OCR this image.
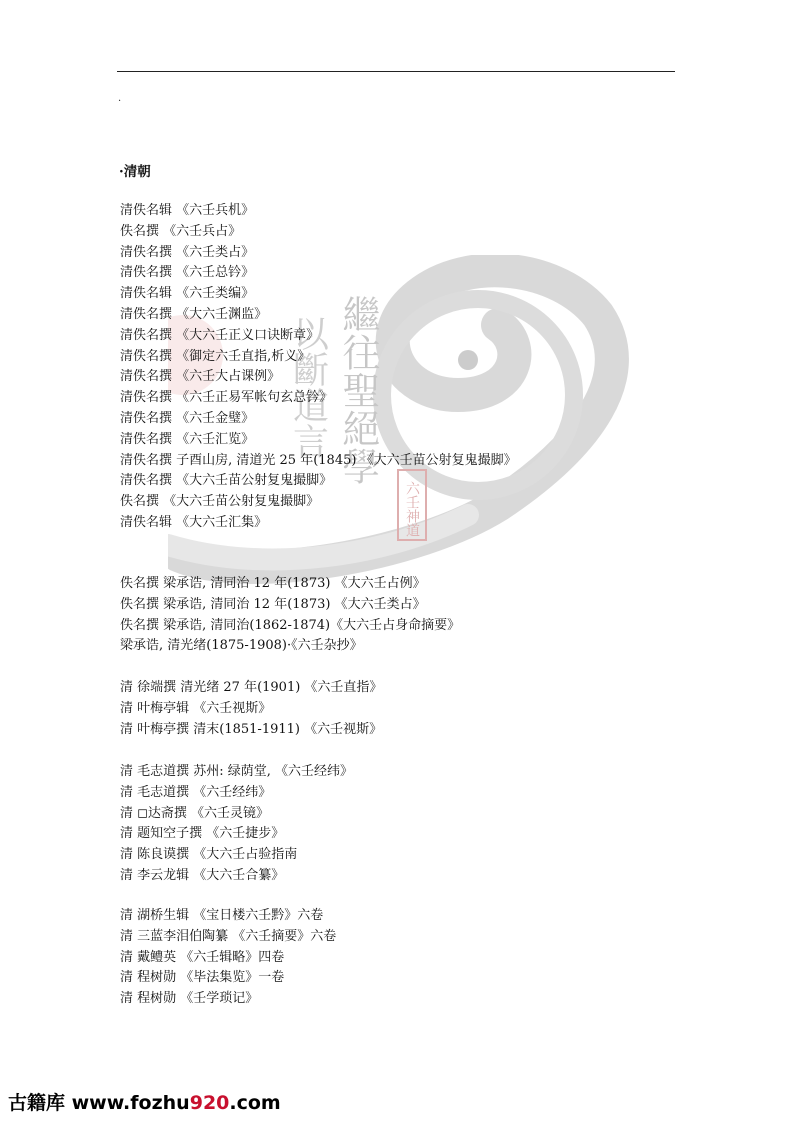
·
繼往聖絕學
以斷道言
六壬神道
·清朝
清佚名辑 《六壬兵机》
佚名撰 《六壬兵占》
清佚名撰 《六壬类占》
清佚名撰 《六壬总钤》
清佚名辑 《六壬类编》
清佚名撰 《大六壬渊监》
清佚名撰 《大六壬正义口诀断章》
清佚名撰 《御定六壬直指,析义》
清佚名撰 《六壬大占课例》
清佚名撰 《六壬正易军帐句玄总钤》
清佚名撰 《六壬金璧》
清佚名撰 《六壬汇览》
清佚名撰 子酉山房, 清道光 25 年(1845) 《大六壬苗公射复鬼撮脚》
清佚名撰 《大六壬苗公射复鬼撮脚》
佚名撰 《大六壬苗公射复鬼撮脚》
清佚名辑 《大六壬汇集》
佚名撰 梁承诰, 清同治 12 年(1873) 《大六壬占例》
佚名撰 梁承诰, 清同治 12 年(1873) 《大六壬类占》
佚名撰 梁承诰, 清同治(1862-1874)《大六壬占身命摘要》
梁承诰, 清光绪(1875-1908)·《六壬杂抄》
清 徐端撰 清光绪 27 年(1901) 《六壬直指》
清 叶梅亭辑 《六壬视斯》
清 叶梅亭撰 清末(1851-1911) 《六壬视斯》
清 毛志道撰 苏州: 绿荫堂, 《六壬经纬》
清 毛志道撰 《六壬经纬》
清 ◻达斋撰 《六壬灵镜》
清 题知空子撰 《六壬捷步》
清 陈良谟撰 《大六壬占验指南
清 李云龙辑 《大六壬合纂》
清 湖桥生辑 《宝日楼六壬黔》六卷
清 三蓝李泪伯陶纂 《六壬摘要》六卷
清 戴鳢英 《六壬辑略》四卷
清 程树勋 《毕法集览》一卷
清 程树勋 《壬学琐记》
古籍库 www.fozhu920.com
